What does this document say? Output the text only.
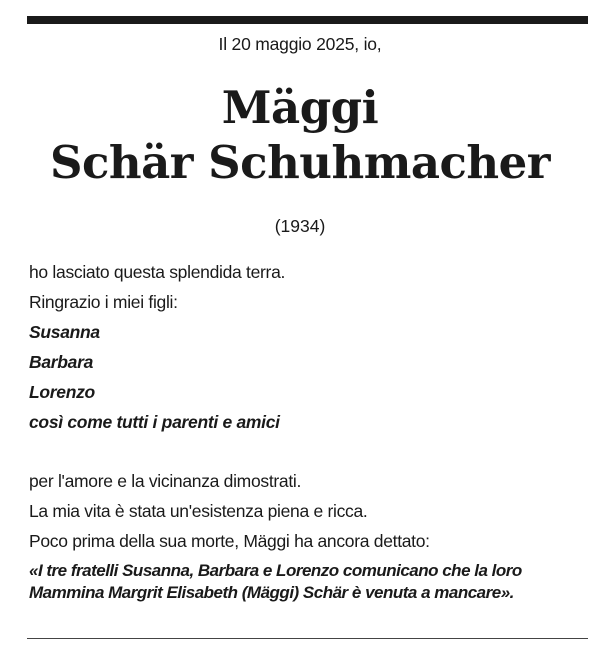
Il 20 maggio 2025, io,
Mäggi
Schär Schuhmacher
(1934)
ho lasciato questa splendida terra.
Ringrazio i miei figli:
Susanna
Barbara
Lorenzo
così come tutti i parenti e amici
per l'amore e la vicinanza dimostrati.
La mia vita è stata un'esistenza piena e ricca.
Poco prima della sua morte, Mäggi ha ancora dettato:
«I tre fratelli Susanna, Barbara e Lorenzo comunicano che la loro
Mammina Margrit Elisabeth (Mäggi) Schär è venuta a mancare».
